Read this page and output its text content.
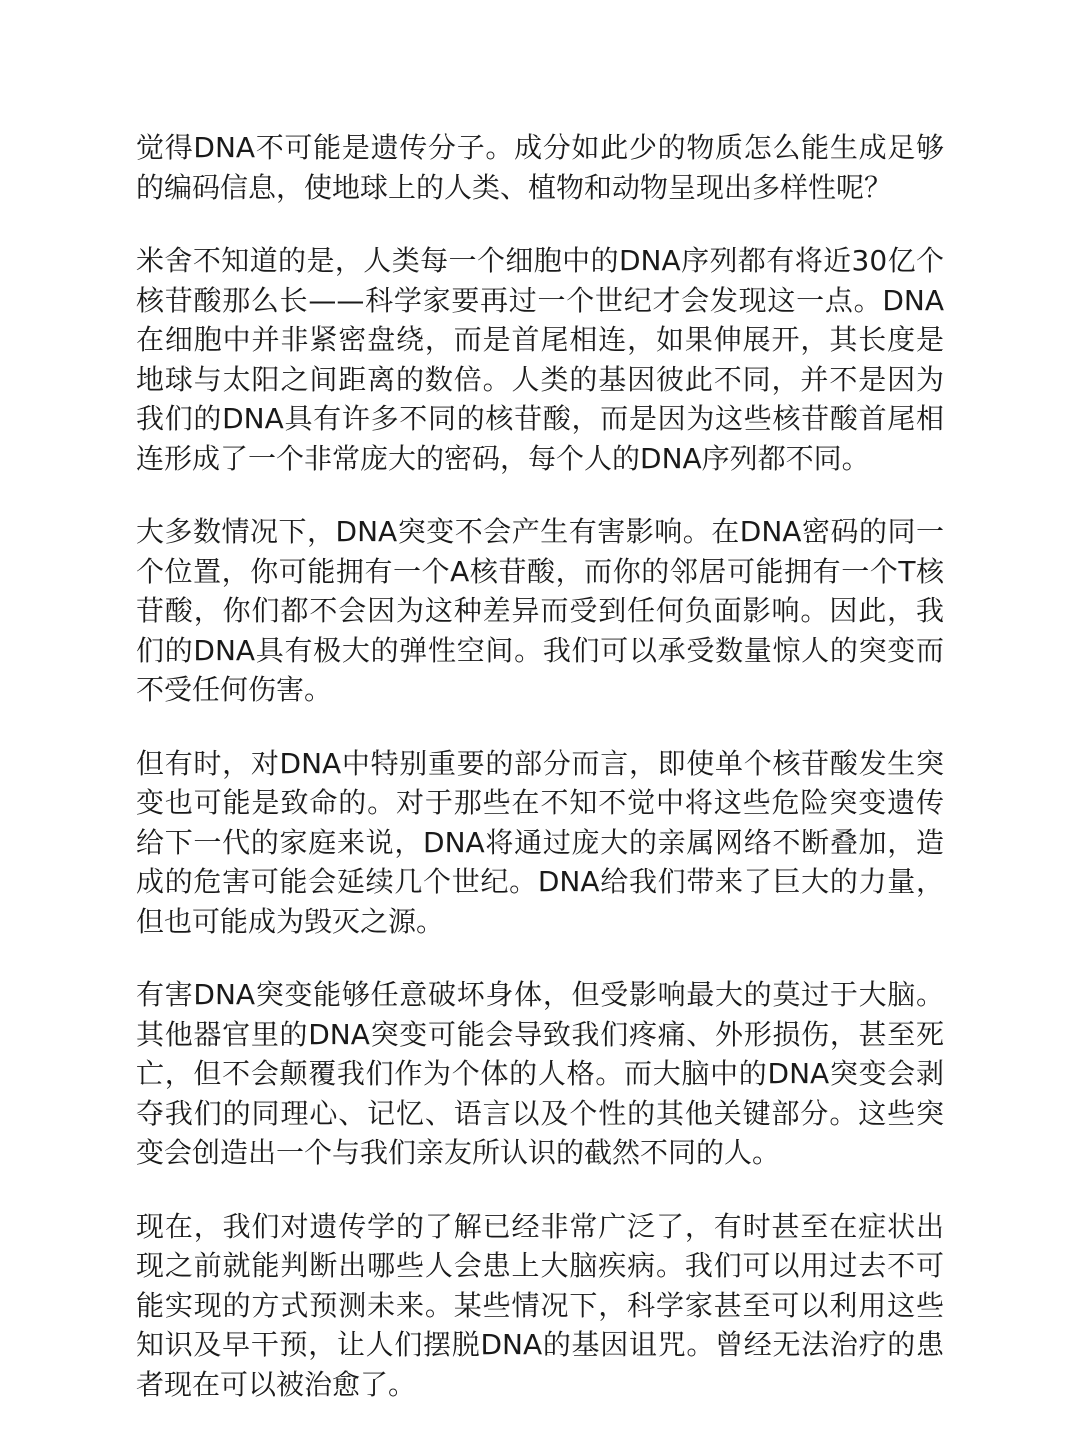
觉得DNA不可能是遗传分子。成分如此少的物质怎么能生成足够的编码信息，使地球上的人类、植物和动物呈现出多样性呢？

米舍不知道的是，人类每一个细胞中的DNA序列都有将近30亿个核苷酸那么长——科学家要再过一个世纪才会发现这一点。DNA在细胞中并非紧密盘绕，而是首尾相连，如果伸展开，其长度是地球与太阳之间距离的数倍。人类的基因彼此不同，并不是因为我们的DNA具有许多不同的核苷酸，而是因为这些核苷酸首尾相连形成了一个非常庞大的密码，每个人的DNA序列都不同。

大多数情况下，DNA突变不会产生有害影响。在DNA密码的同一个位置，你可能拥有一个A核苷酸，而你的邻居可能拥有一个T核苷酸，你们都不会因为这种差异而受到任何负面影响。因此，我们的DNA具有极大的弹性空间。我们可以承受数量惊人的突变而不受任何伤害。

但有时，对DNA中特别重要的部分而言，即使单个核苷酸发生突变也可能是致命的。对于那些在不知不觉中将这些危险突变遗传给下一代的家庭来说，DNA将通过庞大的亲属网络不断叠加，造成的危害可能会延续几个世纪。DNA给我们带来了巨大的力量，但也可能成为毁灭之源。

有害DNA突变能够任意破坏身体，但受影响最大的莫过于大脑。其他器官里的DNA突变可能会导致我们疼痛、外形损伤，甚至死亡，但不会颠覆我们作为个体的人格。而大脑中的DNA突变会剥夺我们的同理心、记忆、语言以及个性的其他关键部分。这些突变会创造出一个与我们亲友所认识的截然不同的人。

现在，我们对遗传学的了解已经非常广泛了，有时甚至在症状出现之前就能判断出哪些人会患上大脑疾病。我们可以用过去不可能实现的方式预测未来。某些情况下，科学家甚至可以利用这些知识及早干预，让人们摆脱DNA的基因诅咒。曾经无法治疗的患者现在可以被治愈了。
